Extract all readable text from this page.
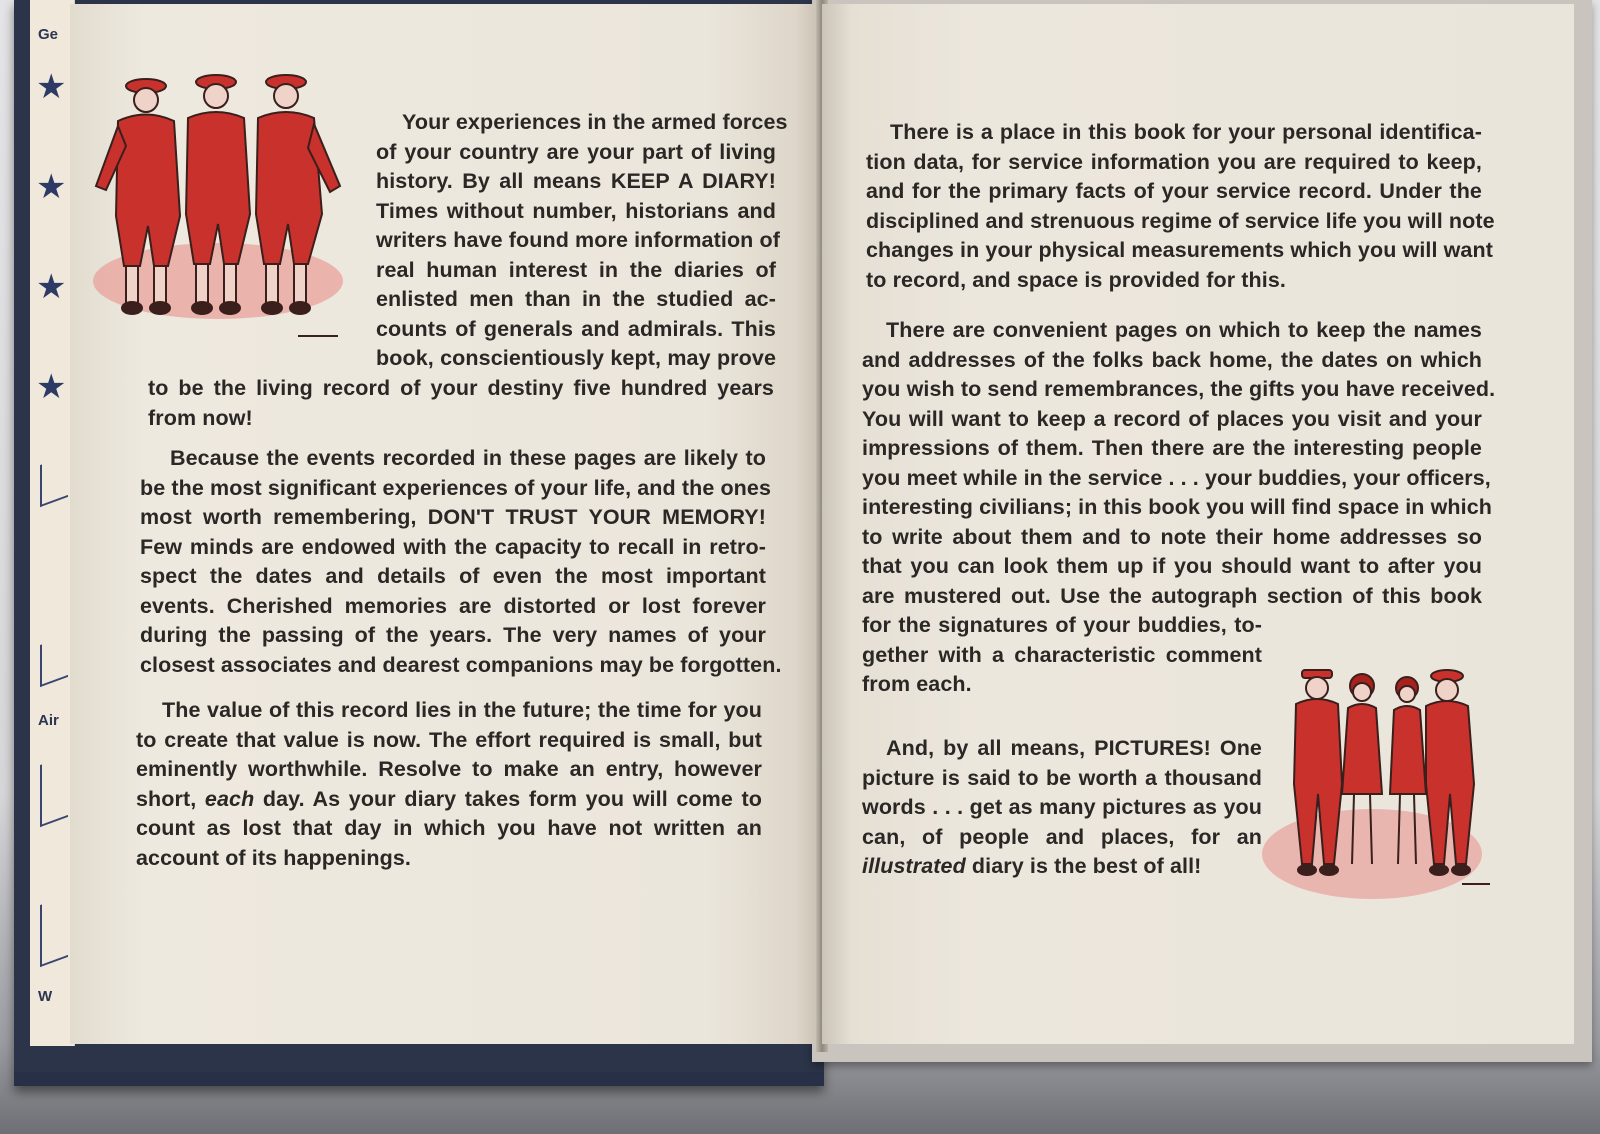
Ge
★
★
★
★
Air
W
Your experiences in the armed forces
of your country are your part of living
history. By all means KEEP A DIARY!
Times without number, historians and
writers have found more information of
real human interest in the diaries of
enlisted men than in the studied ac-
counts of generals and admirals. This
book, conscientiously kept, may prove
to be the living record of your destiny five hundred years
from now!
Because the events recorded in these pages are likely to
be the most significant experiences of your life, and the ones
most worth remembering, DON'T TRUST YOUR MEMORY!
Few minds are endowed with the capacity to recall in retro-
spect the dates and details of even the most important
events. Cherished memories are distorted or lost forever
during the passing of the years. The very names of your
closest associates and dearest companions may be forgotten.
The value of this record lies in the future; the time for you
to create that value is now. The effort required is small, but
eminently worthwhile. Resolve to make an entry, however
short, each day. As your diary takes form you will come to
count as lost that day in which you have not written an
account of its happenings.
There is a place in this book for your personal identifica-
tion data, for service information you are required to keep,
and for the primary facts of your service record. Under the
disciplined and strenuous regime of service life you will note
changes in your physical measurements which you will want
to record, and space is provided for this.
There are convenient pages on which to keep the names
and addresses of the folks back home, the dates on which
you wish to send remembrances, the gifts you have received.
You will want to keep a record of places you visit and your
impressions of them. Then there are the interesting people
you meet while in the service . . . your buddies, your officers,
interesting civilians; in this book you will find space in which
to write about them and to note their home addresses so
that you can look them up if you should want to after you
are mustered out. Use the autograph section of this book
for the signatures of your buddies, to-
gether with a characteristic comment
from each.
And, by all means, PICTURES! One
picture is said to be worth a thousand
words . . . get as many pictures as you
can, of people and places, for an
illustrated diary is the best of all!
